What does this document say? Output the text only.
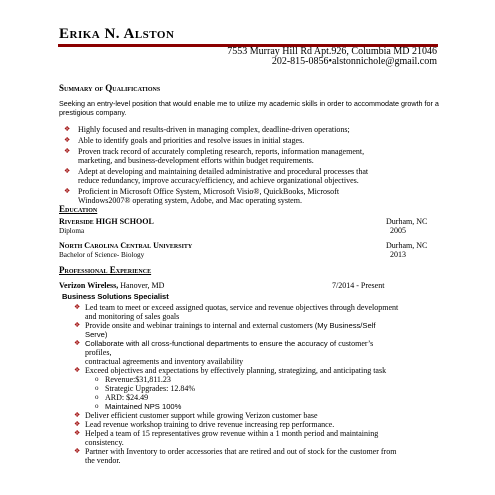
Erika N. Alston
7553 Murray Hill Rd Apt.926, Columbia MD 21046
202-815-0856•alstonnichole@gmail.com
Summary of Qualifications
Seeking an entry-level position that would enable me to utilize my academic skills in order to accommodate growth for a prestigious company.
❖ Highly focused and results-driven in managing complex, deadline-driven operations;
❖ Able to identify goals and priorities and resolve issues in initial stages.
❖ Proven track record of accurately completing research, reports, information management,
marketing, and business-development efforts within budget requirements.
❖ Adept at developing and maintaining detailed administrative and procedural processes that
reduce redundancy, improve accuracy/efficiency, and achieve organizational objectives.
❖ Proficient in Microsoft Office System, Microsoft Visio®, QuickBooks, Microsoft
Windows2007® operating system, Adobe, and Mac operating system.
Education
Riverside HIGH SCHOOL	Durham, NC
Diploma	2005
North Carolina Central University	Durham, NC
Bachelor of Science- Biology	2013
Professional Experience
Verizon Wireless, Hanover, MD	7/2014 - Present
Business Solutions Specialist
❖ Led team to meet or exceed assigned quotas, service and revenue objectives through development
and monitoring of sales goals
❖ Provide onsite and webinar trainings to internal and external customers (My Business/Self
Serve)
❖ Collaborate with all cross-functional departments to ensure the accuracy of customer’s
profiles,
contractual agreements and inventory availability
❖ Exceed objectives and expectations by effectively planning, strategizing, and anticipating task
o Revenue:$31,811.23
o Strategic Upgrades: 12.84%
o ARD: $24.49
o Maintained NPS 100%
❖ Deliver efficient customer support while growing Verizon customer base
❖ Lead revenue workshop training to drive revenue increasing rep performance.
❖ Helped a team of 15 representatives grow revenue within a 1 month period and maintaining
consistency.
❖ Partner with Inventory to order accessories that are retired and out of stock for the customer from
the vendor.
